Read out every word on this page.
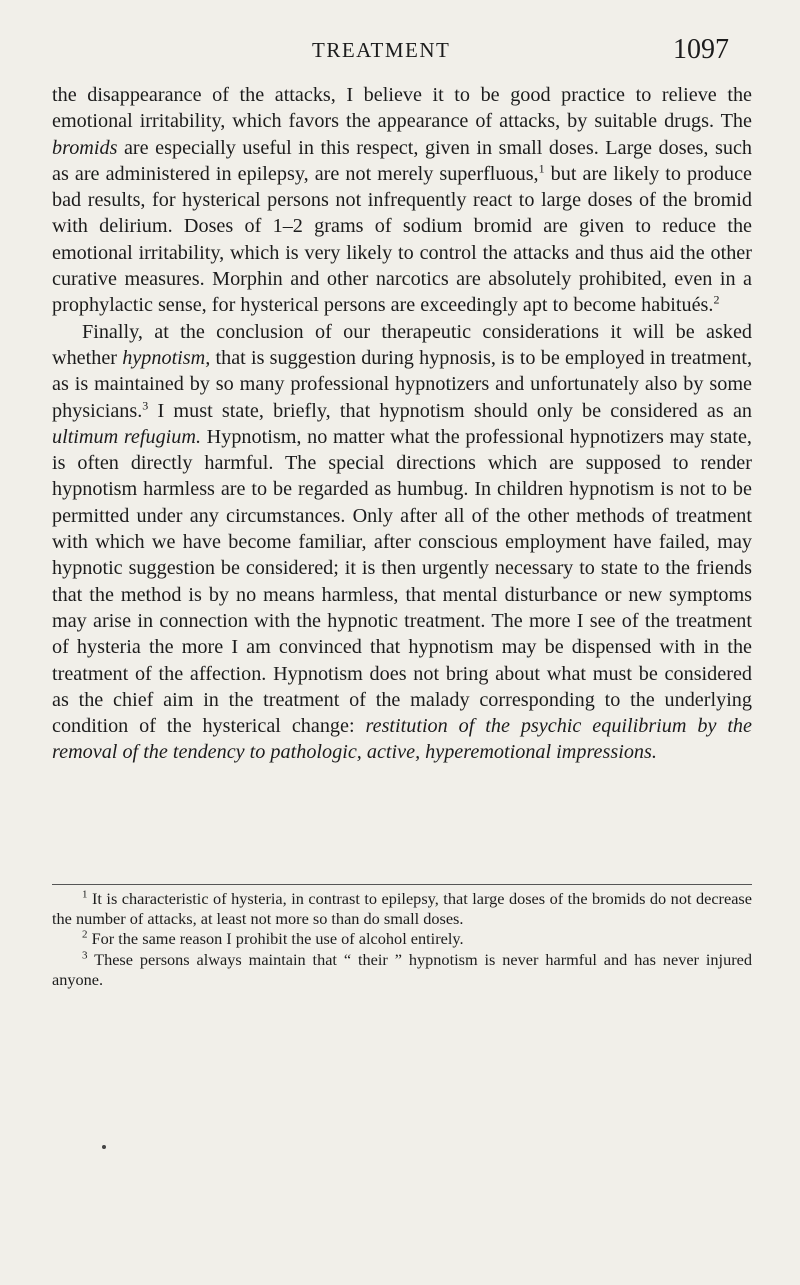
TREATMENT	1097

the disappearance of the attacks, I believe it to be good practice to relieve the emotional irritability, which favors the appearance of attacks, by suitable drugs. The bromids are especially useful in this respect, given in small doses. Large doses, such as are administered in epilepsy, are not merely superfluous,$^1$ but are likely to produce bad results, for hysterical persons not infrequently react to large doses of the bromid with delirium. Doses of 1–2 grams of sodium bromid are given to reduce the emotional irritability, which is very likely to control the attacks and thus aid the other curative measures. Morphin and other narcotics are absolutely prohibited, even in a prophylactic sense, for hysterical persons are exceedingly apt to become habitués.$^2$

Finally, at the conclusion of our therapeutic considerations it will be asked whether hypnotism, that is suggestion during hypnosis, is to be employed in treatment, as is maintained by so many professional hypnotizers and unfortunately also by some physicians.$^3$ I must state, briefly, that hypnotism should only be considered as an ultimum refugium. Hypnotism, no matter what the professional hypnotizers may state, is often directly harmful. The special directions which are supposed to render hypnotism harmless are to be regarded as humbug. In children hypnotism is not to be permitted under any circumstances. Only after all of the other methods of treatment with which we have become familiar, after conscious employment have failed, may hypnotic suggestion be considered; it is then urgently necessary to state to the friends that the method is by no means harmless, that mental disturbance or new symptoms may arise in connection with the hypnotic treatment. The more I see of the treatment of hysteria the more I am convinced that hypnotism may be dispensed with in the treatment of the affection. Hypnotism does not bring about what must be considered as the chief aim in the treatment of the malady corresponding to the underlying condition of the hysterical change: restitution of the psychic equilibrium by the removal of the tendency to pathologic, active, hyperemotional impressions.

$^1$ It is characteristic of hysteria, in contrast to epilepsy, that large doses of the bromids do not decrease the number of attacks, at least not more so than do small doses.

$^2$ For the same reason I prohibit the use of alcohol entirely.

$^3$ These persons always maintain that “ their ” hypnotism is never harmful and has never injured anyone.
